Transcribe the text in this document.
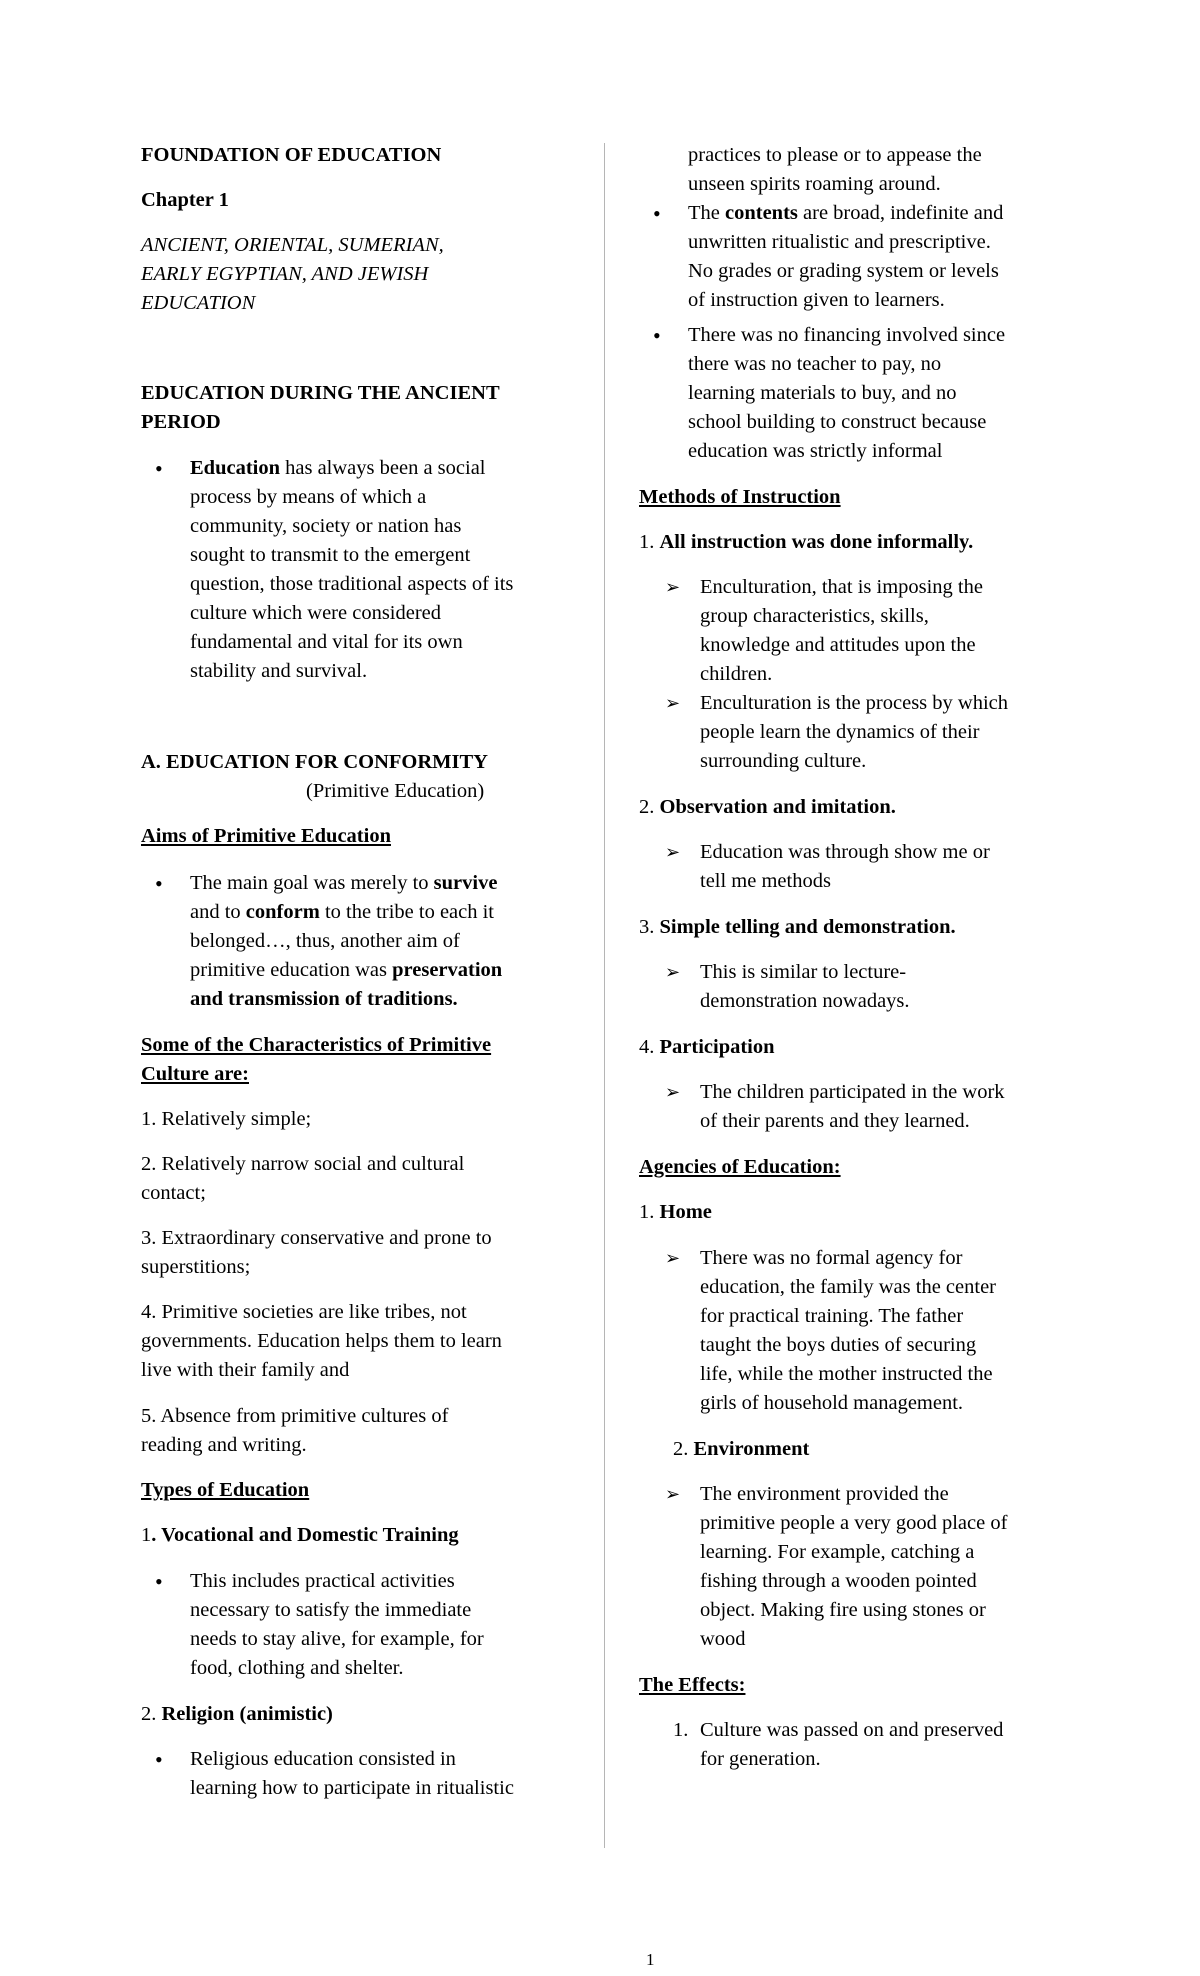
FOUNDATION OF EDUCATION
Chapter 1
ANCIENT, ORIENTAL, SUMERIAN,
EARLY EGYPTIAN, AND JEWISH
EDUCATION
EDUCATION DURING THE ANCIENT
PERIOD
• Education has always been a social
process by means of which a
community, society or nation has
sought to transmit to the emergent
question, those traditional aspects of its
culture which were considered
fundamental and vital for its own
stability and survival.
A. EDUCATION FOR CONFORMITY
(Primitive Education)
Aims of Primitive Education
• The main goal was merely to survive
and to conform to the tribe to each it
belonged…, thus, another aim of
primitive education was preservation
and transmission of traditions.
Some of the Characteristics of Primitive
Culture are:
1. Relatively simple;
2. Relatively narrow social and cultural
contact;
3. Extraordinary conservative and prone to
superstitions;
4. Primitive societies are like tribes, not
governments. Education helps them to learn
live with their family and
5. Absence from primitive cultures of
reading and writing.
Types of Education
1. Vocational and Domestic Training
• This includes practical activities
necessary to satisfy the immediate
needs to stay alive, for example, for
food, clothing and shelter.
2. Religion (animistic)
• Religious education consisted in
learning how to participate in ritualistic
practices to please or to appease the
unseen spirits roaming around.
• The contents are broad, indefinite and
unwritten ritualistic and prescriptive.
No grades or grading system or levels
of instruction given to learners.
• There was no financing involved since
there was no teacher to pay, no
learning materials to buy, and no
school building to construct because
education was strictly informal
Methods of Instruction
1. All instruction was done informally.
➢ Enculturation, that is imposing the
group characteristics, skills,
knowledge and attitudes upon the
children.
➢ Enculturation is the process by which
people learn the dynamics of their
surrounding culture.
2. Observation and imitation.
➢ Education was through show me or
tell me methods
3. Simple telling and demonstration.
➢ This is similar to lecture-
demonstration nowadays.
4. Participation
➢ The children participated in the work
of their parents and they learned.
Agencies of Education:
1. Home
➢ There was no formal agency for
education, the family was the center
for practical training. The father
taught the boys duties of securing
life, while the mother instructed the
girls of household management.
2. Environment
➢ The environment provided the
primitive people a very good place of
learning. For example, catching a
fishing through a wooden pointed
object. Making fire using stones or
wood
The Effects:
1. Culture was passed on and preserved
for generation.
1
